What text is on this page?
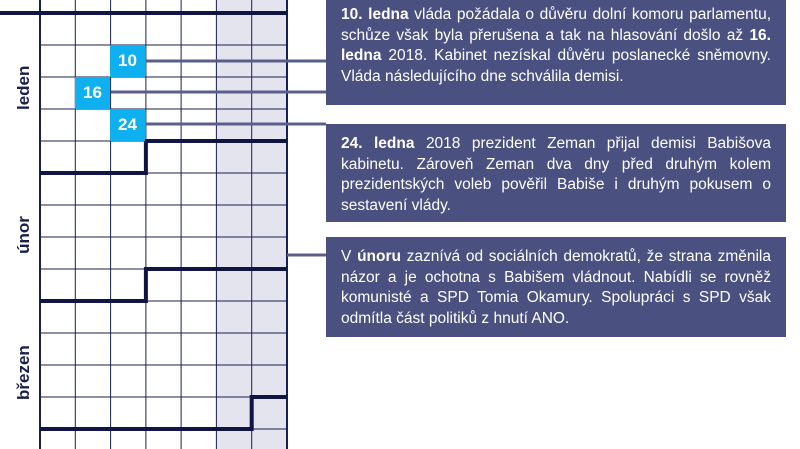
leden
únor
březen
10
16
24
10. ledna vláda požádala o důvěru dolní komoru parlamentu, schůze však byla přerušena a tak na hlasování došlo až 16. ledna 2018. Kabinet nezískal důvěru poslanecké sněmovny. Vláda následujícího dne schválila demisi.
24. ledna 2018 prezident Zeman přijal demisi Babišova kabinetu. Zároveň Zeman dva dny před druhým kolem prezidentských voleb pověřil Babiše i druhým pokusem o sestavení vlády.
V únoru zaznívá od sociálních demokratů, že strana změnila názor a je ochotna s Babišem vládnout. Nabídli se rovněž komunisté a SPD Tomia Okamury. Spolupráci s SPD však odmítla část politiků z hnutí ANO.
